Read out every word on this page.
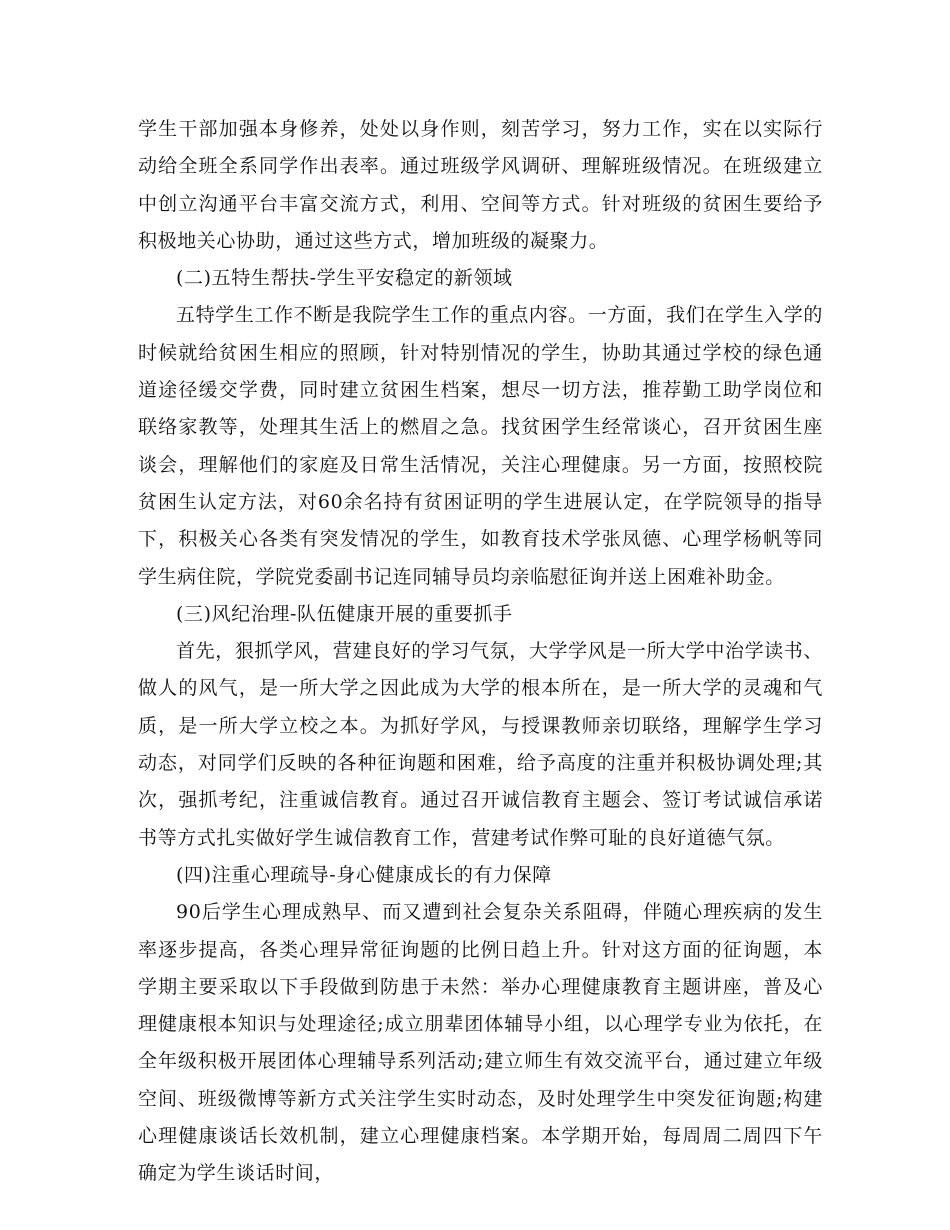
学生干部加强本身修养，处处以身作则，刻苦学习，努力工作，实在以实际行动给全班全系同学作出表率。通过班级学风调研、理解班级情况。在班级建立中创立沟通平台丰富交流方式，利用、空间等方式。针对班级的贫困生要给予积极地关心协助，通过这些方式，增加班级的凝聚力。

(二)五特生帮扶-学生平安稳定的新领域

五特学生工作不断是我院学生工作的重点内容。一方面，我们在学生入学的时候就给贫困生相应的照顾，针对特别情况的学生，协助其通过学校的绿色通道途径缓交学费，同时建立贫困生档案，想尽一切方法，推荐勤工助学岗位和联络家教等，处理其生活上的燃眉之急。找贫困学生经常谈心，召开贫困生座谈会，理解他们的家庭及日常生活情况，关注心理健康。另一方面，按照校院贫困生认定方法，对60余名持有贫困证明的学生进展认定，在学院领导的指导下，积极关心各类有突发情况的学生，如教育技术学张凤德、心理学杨帆等同学生病住院，学院党委副书记连同辅导员均亲临慰征询并送上困难补助金。

(三)风纪治理-队伍健康开展的重要抓手

首先，狠抓学风，营建良好的学习气氛，大学学风是一所大学中治学读书、做人的风气，是一所大学之因此成为大学的根本所在，是一所大学的灵魂和气质，是一所大学立校之本。为抓好学风，与授课教师亲切联络，理解学生学习动态，对同学们反映的各种征询题和困难，给予高度的注重并积极协调处理;其次，强抓考纪，注重诚信教育。通过召开诚信教育主题会、签订考试诚信承诺书等方式扎实做好学生诚信教育工作，营建考试作弊可耻的良好道德气氛。

(四)注重心理疏导-身心健康成长的有力保障

90后学生心理成熟早、而又遭到社会复杂关系阻碍，伴随心理疾病的发生率逐步提高，各类心理异常征询题的比例日趋上升。针对这方面的征询题，本学期主要采取以下手段做到防患于未然：举办心理健康教育主题讲座，普及心理健康根本知识与处理途径;成立朋辈团体辅导小组，以心理学专业为依托，在全年级积极开展团体心理辅导系列活动;建立师生有效交流平台，通过建立年级空间、班级微博等新方式关注学生实时动态，及时处理学生中突发征询题;构建心理健康谈话长效机制，建立心理健康档案。本学期开始，每周周二周四下午确定为学生谈话时间，
